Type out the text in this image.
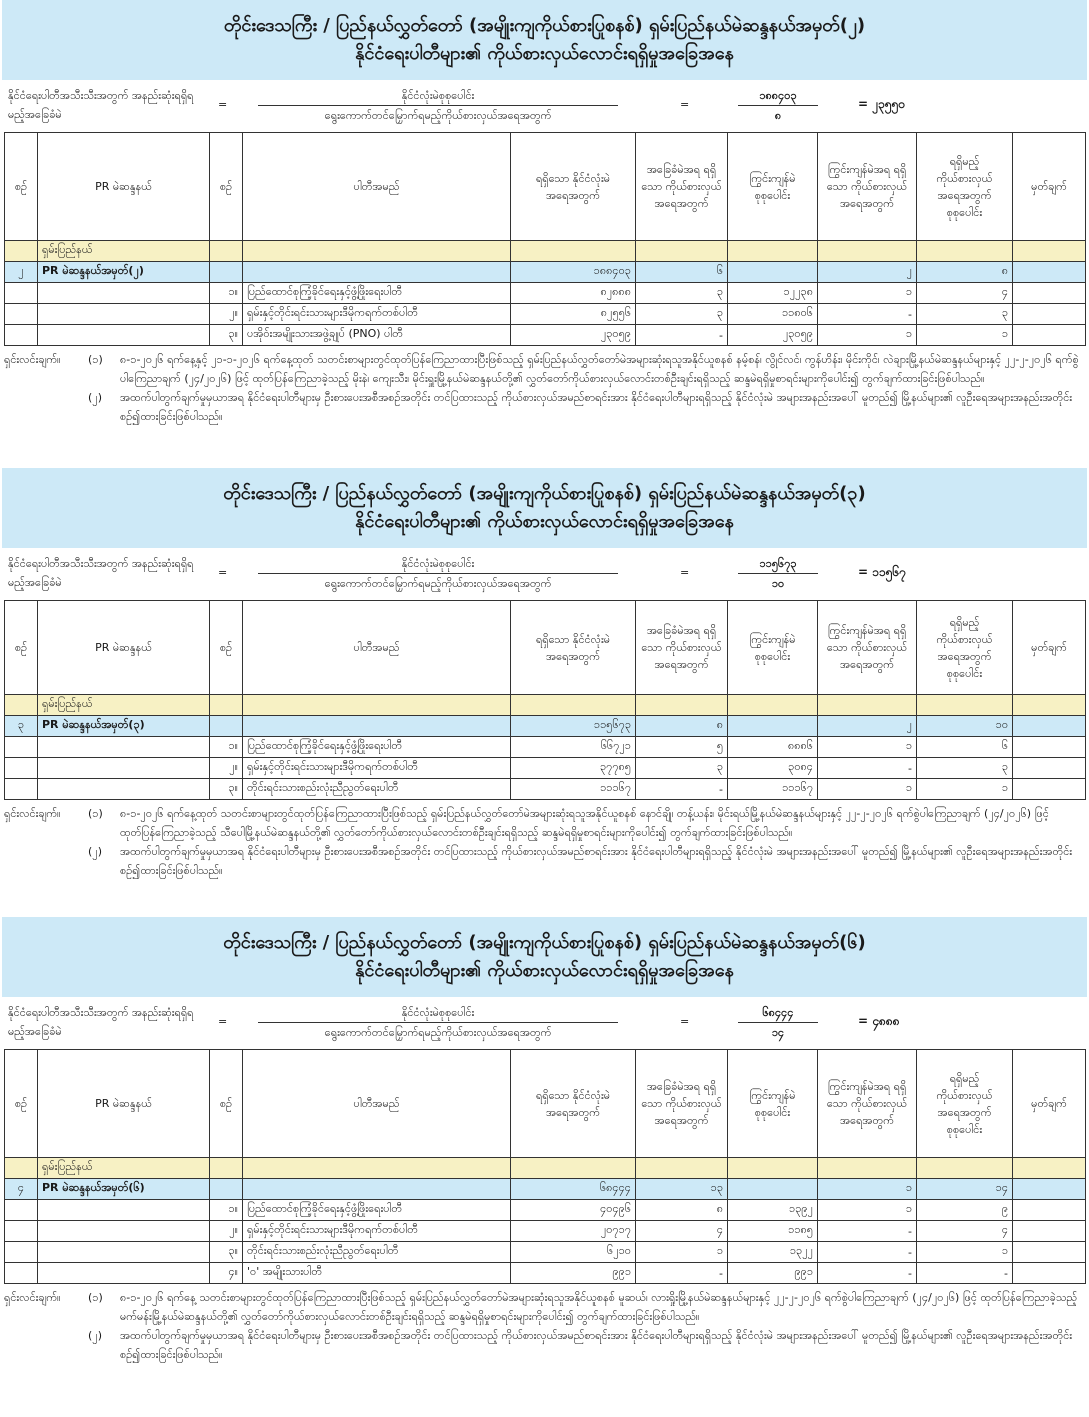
တိုင်းဒေသကြီး / ပြည်နယ်လွှတ်တော် (အမျိုးကျကိုယ်စားပြုစနစ်) ရှမ်းပြည်နယ်မဲဆန္ဒနယ်အမှတ်(၂)
နိုင်ငံရေးပါတီများ၏ ကိုယ်စားလှယ်လောင်းရရှိမှုအခြေအနေ
နိုင်ငံရေးပါတီအသီးသီးအတွက် အနည်းဆုံးရရှိရမည့်အခြေခံမဲ
=
နိုင်ငံလုံးမဲစုစုပေါင်း
ရွေးကောက်တင်မြှောက်ရမည့်ကိုယ်စားလှယ်အရေအတွက်
=
၁၈၈၄၀၃
၈
= ၂၃၅၅၀
စဉ်	PR မဲဆန္ဒနယ်	စဉ်	ပါတီအမည်	ရရှိသော နိုင်ငံလုံးမဲအရေအတွက်	အခြေခံမဲအရ ရရှိသော ကိုယ်စားလှယ် အရေအတွက်	ကြွင်းကျန်မဲ စုစုပေါင်း	ကြွင်းကျန်မဲအရ ရရှိသော ကိုယ်စားလှယ် အရေအတွက်	ရရှိမည့် ကိုယ်စားလှယ် အရေအတွက် စုစုပေါင်း	မှတ်ချက်
	ရှမ်းပြည်နယ်								
၂	PR မဲဆန္ဒနယ်အမှတ်(၂)			၁၈၈၄၀၃	၆		၂	၈	
		၁။	ပြည်ထောင်စုကြံ့ခိုင်ရေးနှင့်ဖွံ့ဖြိုးရေးပါတီ	၈၂၈၈၈	၃	၁၂၂၃၈	၁	၄	
		၂။	ရှမ်းနှင့်တိုင်းရင်းသားများဒီမိုကရက်တစ်ပါတီ	၈၂၅၅၆	၃	၁၁၈၀၆	-	၃	
		၃။	ပအိုဝ်းအမျိုးသားအဖွဲ့ချုပ် (PNO) ပါတီ	၂၃၀၅၉	-	၂၃၀၅၉	၁	၁	
ရှင်းလင်းချက်။	(၁)	၈-၁-၂၀၂၆ ရက်နေ့နှင့် ၂၁-၁-၂၀၂၆ ရက်နေ့ထုတ် သတင်းစာများတွင်ထုတ်ပြန်ကြေညာထားပြီးဖြစ်သည့် ရှမ်းပြည်နယ်လွှတ်တော်မဲအများဆုံးရသူအနိုင်ယူစနစ် နမ့်စန်၊ လွိုင်လင်၊ ကွန်ဟိန်း၊ မိုင်းကိုင်၊ လဲချားမြို့နယ်မဲဆန္ဒနယ်များနှင့် ၂၂-၂-၂၀၂၆ ရက်စွဲပါကြေညာချက် (၂၄/၂၀၂၆) ဖြင့် ထုတ်ပြန်ကြေညာခဲ့သည့် မိုးနဲ၊ ကျေးသီး၊ မိုင်းရှူးမြို့နယ်မဲဆန္ဒနယ်တို့၏ လွှတ်တော်ကိုယ်စားလှယ်လောင်းတစ်ဦးချင်းရရှိသည့် ဆန္ဒမဲရရှိမှုစာရင်းများကိုပေါင်း၍ တွက်ချက်ထားခြင်းဖြစ်ပါသည်။
(၂)	အထက်ပါတွက်ချက်မှုမှယာအရ နိုင်ငံရေးပါတီများမှ ဦးစားပေးအစီအစဉ်အတိုင်း တင်ပြထားသည့် ကိုယ်စားလှယ်အမည်စာရင်းအား နိုင်ငံရေးပါတီများရရှိသည့် နိုင်ငံလုံးမဲ အများအနည်းအပေါ် မူတည်၍ မြို့နယ်များ၏ လူဦးရေအများအနည်းအတိုင်းစဉ်၍ထားခြင်းဖြစ်ပါသည်။
တိုင်းဒေသကြီး / ပြည်နယ်လွှတ်တော် (အမျိုးကျကိုယ်စားပြုစနစ်) ရှမ်းပြည်နယ်မဲဆန္ဒနယ်အမှတ်(၃)
နိုင်ငံရေးပါတီများ၏ ကိုယ်စားလှယ်လောင်းရရှိမှုအခြေအနေ
နိုင်ငံရေးပါတီအသီးသီးအတွက် အနည်းဆုံးရရှိရမည့်အခြေခံမဲ
=
နိုင်ငံလုံးမဲစုစုပေါင်း
ရွေးကောက်တင်မြှောက်ရမည့်ကိုယ်စားလှယ်အရေအတွက်
=
၁၁၅၆၇၃
၁၀
= ၁၁၅၆၇
စဉ်	PR မဲဆန္ဒနယ်	စဉ်	ပါတီအမည်	ရရှိသော နိုင်ငံလုံးမဲအရေအတွက်	အခြေခံမဲအရ ရရှိသော ကိုယ်စားလှယ် အရေအတွက်	ကြွင်းကျန်မဲ စုစုပေါင်း	ကြွင်းကျန်မဲအရ ရရှိသော ကိုယ်စားလှယ် အရေအတွက်	ရရှိမည့် ကိုယ်စားလှယ် အရေအတွက် စုစုပေါင်း	မှတ်ချက်
	ရှမ်းပြည်နယ်								
၃	PR မဲဆန္ဒနယ်အမှတ်(၃)			၁၁၅၆၇၃	၈		၂	၁၀	
		၁။	ပြည်ထောင်စုကြံ့ခိုင်ရေးနှင့်ဖွံ့ဖြိုးရေးပါတီ	၆၆၇၂၁	၅	၈၈၈၆	၁	၆	
		၂။	ရှမ်းနှင့်တိုင်းရင်းသားများဒီမိုကရက်တစ်ပါတီ	၃၇၇၈၅	၃	၃၀၈၄	-	၃	
		၃။	တိုင်းရင်းသားစည်းလုံးညီညွတ်ရေးပါတီ	၁၁၁၆၇	-	၁၁၁၆၇	၁	၁	
ရှင်းလင်းချက်။	(၁)	၈-၁-၂၀၂၆ ရက်နေ့ထုတ် သတင်းစာများတွင်ထုတ်ပြန်ကြေညာထားပြီးဖြစ်သည့် ရှမ်းပြည်နယ်လွှတ်တော်မဲအများဆုံးရသူအနိုင်ယူစနစ် နောင်ချို၊ တန့်ယန်း၊ မိုင်းရယ်မြို့နယ်မဲဆန္ဒနယ်များနှင့် ၂၂-၂-၂၀၂၆ ရက်စွဲပါကြေညာချက် (၂၄/၂၀၂၆) ဖြင့် ထုတ်ပြန်ကြေညာခဲ့သည့် သီပေါမြို့နယ်မဲဆန္ဒနယ်တို့၏ လွှတ်တော်ကိုယ်စားလှယ်လောင်းတစ်ဦးချင်းရရှိသည့် ဆန္ဒမဲရရှိမှုစာရင်းများကိုပေါင်း၍ တွက်ချက်ထားခြင်းဖြစ်ပါသည်။
(၂)	အထက်ပါတွက်ချက်မှုမှယာအရ နိုင်ငံရေးပါတီများမှ ဦးစားပေးအစီအစဉ်အတိုင်း တင်ပြထားသည့် ကိုယ်စားလှယ်အမည်စာရင်းအား နိုင်ငံရေးပါတီများရရှိသည့် နိုင်ငံလုံးမဲ အများအနည်းအပေါ် မူတည်၍ မြို့နယ်များ၏ လူဦးရေအများအနည်းအတိုင်းစဉ်၍ထားခြင်းဖြစ်ပါသည်။
တိုင်းဒေသကြီး / ပြည်နယ်လွှတ်တော် (အမျိုးကျကိုယ်စားပြုစနစ်) ရှမ်းပြည်နယ်မဲဆန္ဒနယ်အမှတ်(၆)
နိုင်ငံရေးပါတီများ၏ ကိုယ်စားလှယ်လောင်းရရှိမှုအခြေအနေ
နိုင်ငံရေးပါတီအသီးသီးအတွက် အနည်းဆုံးရရှိရမည့်အခြေခံမဲ
=
နိုင်ငံလုံးမဲစုစုပေါင်း
ရွေးကောက်တင်မြှောက်ရမည့်ကိုယ်စားလှယ်အရေအတွက်
=
၆၈၄၄၄
၁၄
= ၄၈၈၈
စဉ်	PR မဲဆန္ဒနယ်	စဉ်	ပါတီအမည်	ရရှိသော နိုင်ငံလုံးမဲအရေအတွက်	အခြေခံမဲအရ ရရှိသော ကိုယ်စားလှယ် အရေအတွက်	ကြွင်းကျန်မဲ စုစုပေါင်း	ကြွင်းကျန်မဲအရ ရရှိသော ကိုယ်စားလှယ် အရေအတွက်	ရရှိမည့် ကိုယ်စားလှယ် အရေအတွက် စုစုပေါင်း	မှတ်ချက်
	ရှမ်းပြည်နယ်								
၄	PR မဲဆန္ဒနယ်အမှတ်(၆)			၆၈၄၄၄	၁၃		၁	၁၄	
		၁။	ပြည်ထောင်စုကြံ့ခိုင်ရေးနှင့်ဖွံ့ဖြိုးရေးပါတီ	၄၀၄၉၆	၈	၁၃၉၂	၁	၉	
		၂။	ရှမ်းနှင့်တိုင်းရင်းသားများဒီမိုကရက်တစ်ပါတီ	၂၀၇၁၇	၄	၁၁၈၅	-	၄	
		၃။	တိုင်းရင်းသားစည်းလုံးညီညွတ်ရေးပါတီ	၆၂၁၀	၁	၁၃၂၂	-	၁	
		၄။	'ဝ' အမျိုးသားပါတီ	၉၉၁	-	၉၉၁	-	-	
ရှင်းလင်းချက်။	(၁)	၈-၁-၂၀၂၆ ရက်နေ့ သတင်းစာများတွင်ထုတ်ပြန်ကြေညာထားပြီးဖြစ်သည့် ရှမ်းပြည်နယ်လွှတ်တော်မဲအများဆုံးရသူအနိုင်ယူစနစ် မူဆယ်၊ လားရှိုးမြို့နယ်မဲဆန္ဒနယ်များနှင့် ၂၂-၂-၂၀၂၆ ရက်စွဲပါကြေညာချက် (၂၄/၂၀၂၆) ဖြင့် ထုတ်ပြန်ကြေညာခဲ့သည့် မက်မန်းမြို့နယ်မဲဆန္ဒနယ်တို့၏ လွှတ်တော်ကိုယ်စားလှယ်လောင်းတစ်ဦးချင်းရရှိသည့် ဆန္ဒမဲရရှိမှုစာရင်းများကိုပေါင်း၍ တွက်ချက်ထားခြင်းဖြစ်ပါသည်။
(၂)	အထက်ပါတွက်ချက်မှုမှယာအရ နိုင်ငံရေးပါတီများမှ ဦးစားပေးအစီအစဉ်အတိုင်း တင်ပြထားသည့် ကိုယ်စားလှယ်အမည်စာရင်းအား နိုင်ငံရေးပါတီများရရှိသည့် နိုင်ငံလုံးမဲ အများအနည်းအပေါ် မူတည်၍ မြို့နယ်များ၏ လူဦးရေအများအနည်းအတိုင်းစဉ်၍ထားခြင်းဖြစ်ပါသည်။
